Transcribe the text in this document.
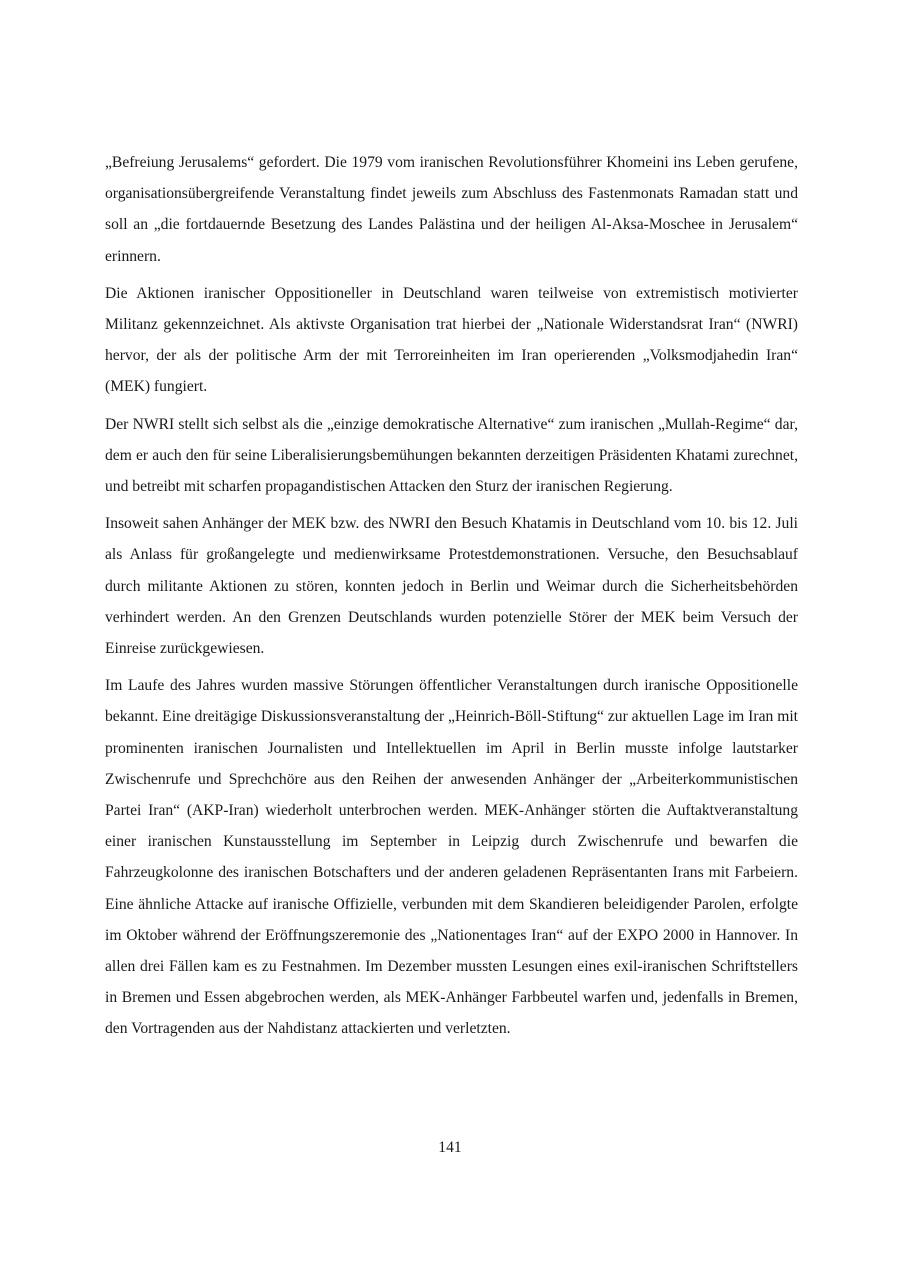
„Befreiung Jerusalems“ gefordert. Die 1979 vom iranischen Revolutionsführer Khomeini ins Leben gerufene, organisationsübergreifende Veranstaltung findet jeweils zum Abschluss des Fastenmonats Ramadan statt und soll an „die fortdauernde Besetzung des Landes Palästina und der heiligen Al-Aksa-Moschee in Jerusalem“ erinnern.

Die Aktionen iranischer Oppositioneller in Deutschland waren teilweise von extremistisch motivierter Militanz gekennzeichnet. Als aktivste Organisation trat hierbei der „Nationale Widerstandsrat Iran“ (NWRI) hervor, der als der politische Arm der mit Terroreinheiten im Iran operierenden „Volksmodjahedin Iran“ (MEK) fungiert.

Der NWRI stellt sich selbst als die „einzige demokratische Alternative“ zum iranischen „Mullah-Regime“ dar, dem er auch den für seine Liberalisierungsbemühungen bekannten derzeitigen Präsidenten Khatami zurechnet, und betreibt mit scharfen propagandistischen Attacken den Sturz der iranischen Regierung.

Insoweit sahen Anhänger der MEK bzw. des NWRI den Besuch Khatamis in Deutschland vom 10. bis 12. Juli als Anlass für großangelegte und medienwirksame Protestdemonstrationen. Versuche, den Besuchsablauf durch militante Aktionen zu stören, konnten jedoch in Berlin und Weimar durch die Sicherheitsbehörden verhindert werden. An den Grenzen Deutschlands wurden potenzielle Störer der MEK beim Versuch der Einreise zurückgewiesen.

Im Laufe des Jahres wurden massive Störungen öffentlicher Veranstaltungen durch iranische Oppositionelle bekannt. Eine dreitägige Diskussionsveranstaltung der „Heinrich-Böll-Stiftung“ zur aktuellen Lage im Iran mit prominenten iranischen Journalisten und Intellektuellen im April in Berlin musste infolge lautstarker Zwischenrufe und Sprechchöre aus den Reihen der anwesenden Anhänger der „Arbeiterkommunistischen Partei Iran“ (AKP-Iran) wiederholt unterbrochen werden. MEK-Anhänger störten die Auftaktveranstaltung einer iranischen Kunstausstellung im September in Leipzig durch Zwischenrufe und bewarfen die Fahrzeugkolonne des iranischen Botschafters und der anderen geladenen Repräsentanten Irans mit Farbeiern. Eine ähnliche Attacke auf iranische Offizielle, verbunden mit dem Skandieren beleidigender Parolen, erfolgte im Oktober während der Eröffnungszeremonie des „Nationentages Iran“ auf der EXPO 2000 in Hannover. In allen drei Fällen kam es zu Festnahmen. Im Dezember mussten Lesungen eines exil-iranischen Schriftstellers in Bremen und Essen abgebrochen werden, als MEK-Anhänger Farbbeutel warfen und, jedenfalls in Bremen, den Vortragenden aus der Nahdistanz attackierten und verletzten.

141
